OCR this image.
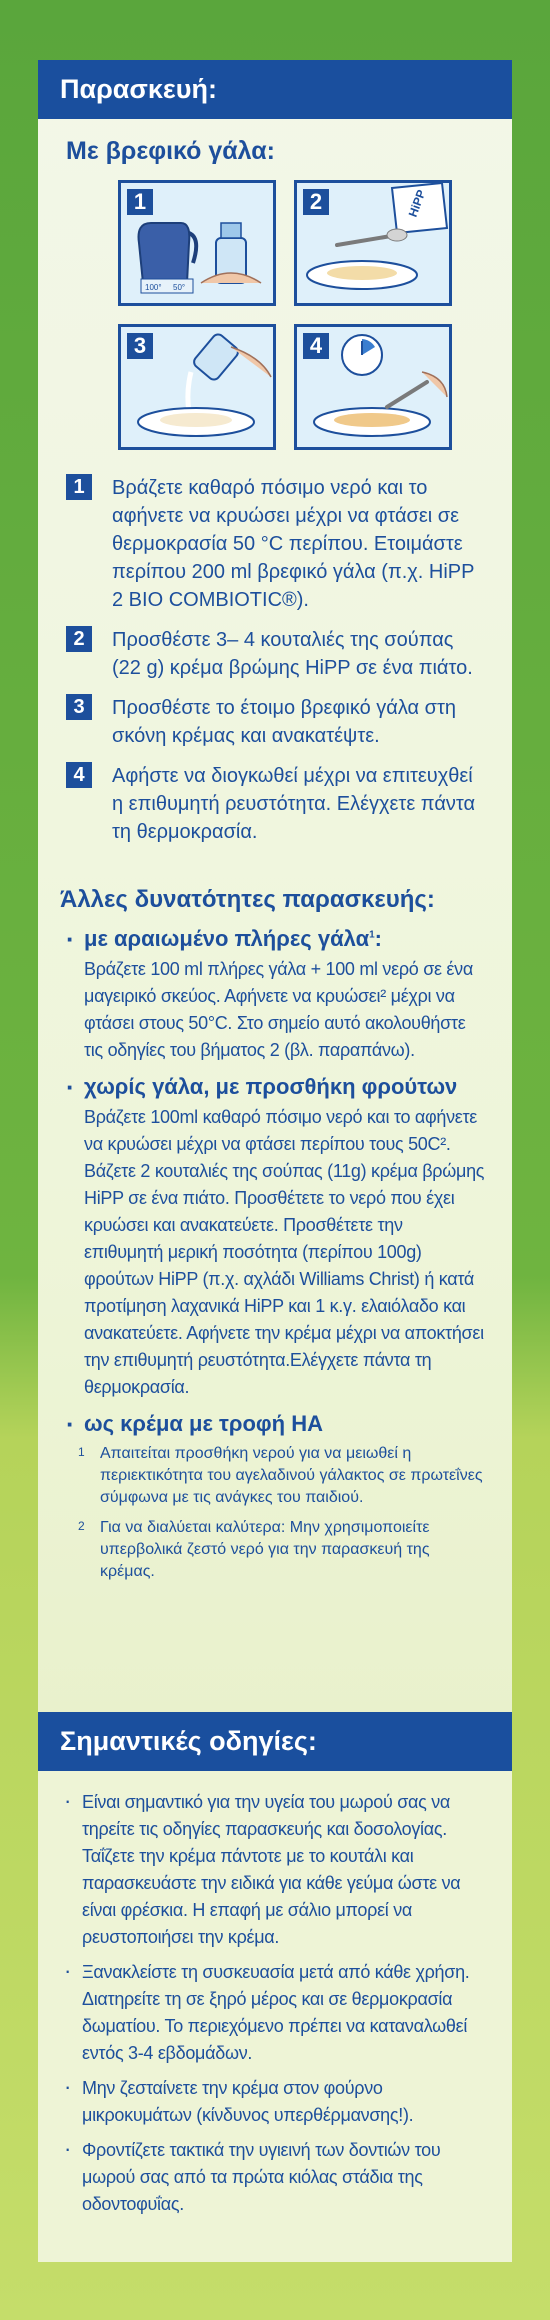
Παρασκευή:
Με βρεφικό γάλα:
1
100° 50°
2	HiPP
3	4
1	Βράζετε καθαρό πόσιμο νερό και το αφήνετε να κρυώσει μέχρι να φτάσει σε θερμοκρασία 50 °C περίπου. Ετοιμάστε περίπου 200 ml βρεφικό γάλα (π.χ. HiPP 2 BIO COMBIOTIC®).
2	Προσθέστε 3– 4 κουταλιές της σούπας (22 g) κρέμα βρώμης HiPP σε ένα πιάτο.
3	Προσθέστε το έτοιμο βρεφικό γάλα στη σκόνη κρέμας και ανακατέψτε.
4	Αφήστε να διογκωθεί μέχρι να επιτευχθεί η επιθυμητή ρευστότητα. Ελέγχετε πάντα τη θερμοκρασία.
Άλλες δυνατότητες παρασκευής:
· με αραιωμένο πλήρες γάλα$^1$:
Βράζετε 100 ml πλήρες γάλα + 100 ml νερό σε ένα μαγειρικό σκεύος. Αφήνετε να κρυώσει² μέχρι να φτάσει στους 50°C. Στο σημείο αυτό ακολουθήστε τις οδηγίες του βήματος 2 (βλ. παραπάνω).
· χωρίς γάλα, με προσθήκη φρούτων
Βράζετε 100ml καθαρό πόσιμο νερό και το αφήνετε να κρυώσει μέχρι να φτάσει περίπου τους 50C². Βάζετε 2 κουταλιές της σούπας (11g) κρέμα βρώμης HiPP σε ένα πιάτο. Προσθέτετε το νερό που έχει κρυώσει και ανακατεύετε. Προσθέτετε την επιθυμητή μερική ποσότητα (περίπου 100g) φρούτων HiPP (π.χ. αχλάδι Williams Christ) ή κατά προτίμηση λαχανικά HiPP και 1 κ.γ. ελαιόλαδο και ανακατεύετε. Αφήνετε την κρέμα μέχρι να αποκτήσει την επιθυμητή ρευστότητα.Ελέγχετε πάντα τη θερμοκρασία.
· ως κρέμα με τροφή HA
1 Απαιτείται προσθήκη νερού για να μειωθεί η περιεκτικότητα του αγελαδινού γάλακτος σε πρωτεΐνες σύμφωνα με τις ανάγκες του παιδιού.
2 Για να διαλύεται καλύτερα: Μην χρησιμοποιείτε υπερβολικά ζεστό νερό για την παρασκευή της κρέμας.
Σημαντικές οδηγίες:
· Είναι σημαντικό για την υγεία του μωρού σας να τηρείτε τις οδηγίες παρασκευής και δοσολογίας. Ταΐζετε την κρέμα πάντοτε με το κουτάλι και παρασκευάστε την ειδικά για κάθε γεύμα ώστε να είναι φρέσκια. Η επαφή με σάλιο μπορεί να ρευστοποιήσει την κρέμα.
· Ξανακλείστε τη συσκευασία μετά από κάθε χρήση. Διατηρείτε τη σε ξηρό μέρος και σε θερμοκρασία δωματίου. Το περιεχόμενο πρέπει να καταναλωθεί εντός 3-4 εβδομάδων.
· Μην ζεσταίνετε την κρέμα στον φούρνο μικροκυμάτων (κίνδυνος υπερθέρμανσης!).
· Φροντίζετε τακτικά την υγιεινή των δοντιών του μωρού σας από τα πρώτα κιόλας στάδια της οδοντοφυΐας.
